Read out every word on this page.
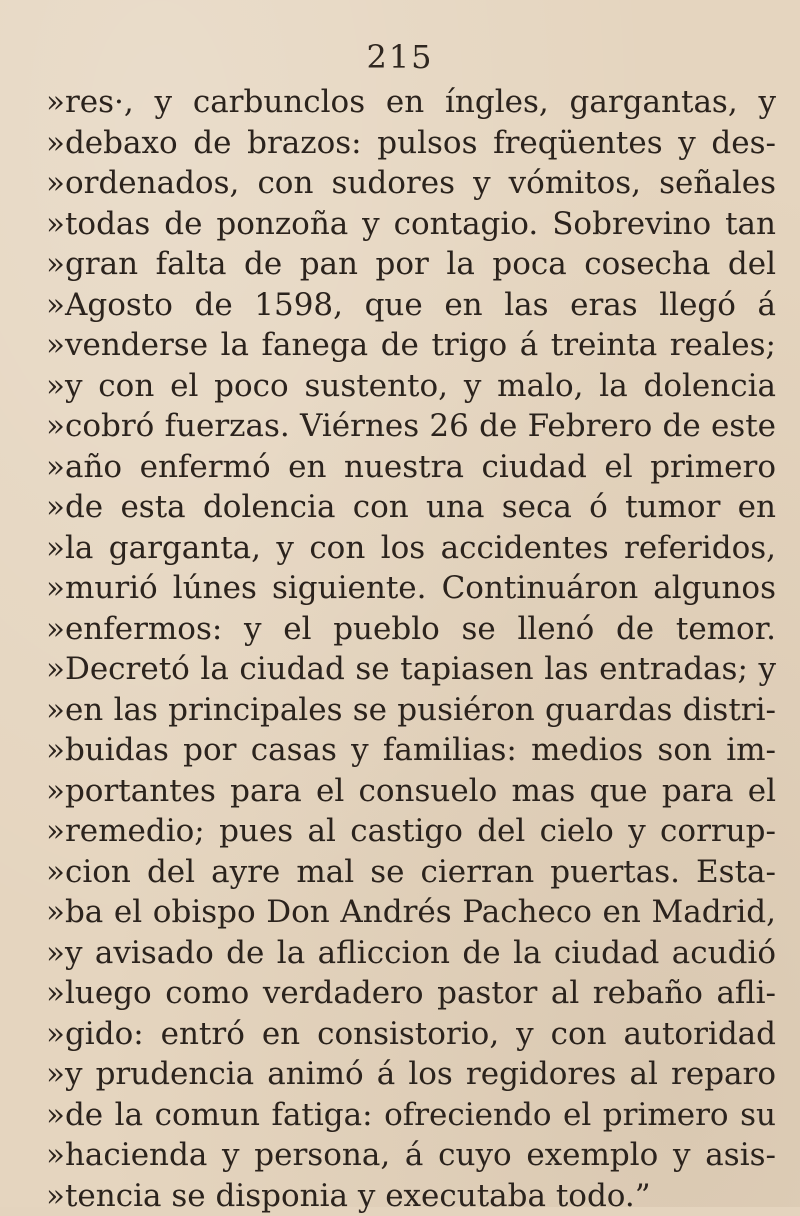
215
»res·, y carbunclos en íngles, gargantas, y
»debaxo de brazos: pulsos freqüentes y des-
»ordenados, con sudores y vómitos, señales
»todas de ponzoña y contagio. Sobrevino tan
»gran falta de pan por la poca cosecha del
»Agosto de 1598, que en las eras llegó á
»venderse la fanega de trigo á treinta reales;
»y con el poco sustento, y malo, la dolencia
»cobró fuerzas. Viérnes 26 de Febrero de este
»año enfermó en nuestra ciudad el primero
»de esta dolencia con una seca ó tumor en
»la garganta, y con los accidentes referidos,
»murió lúnes siguiente. Continuáron algunos
»enfermos: y el pueblo se llenó de temor.
»Decretó la ciudad se tapiasen las entradas; y
»en las principales se pusiéron guardas distri-
»buidas por casas y familias: medios son im-
»portantes para el consuelo mas que para el
»remedio; pues al castigo del cielo y corrup-
»cion del ayre mal se cierran puertas. Esta-
»ba el obispo Don Andrés Pacheco en Madrid,
»y avisado de la afliccion de la ciudad acudió
»luego como verdadero pastor al rebaño afli-
»gido: entró en consistorio, y con autoridad
»y prudencia animó á los regidores al reparo
»de la comun fatiga: ofreciendo el primero su
»hacienda y persona, á cuyo exemplo y asis-
»tencia se disponia y executaba todo.”
